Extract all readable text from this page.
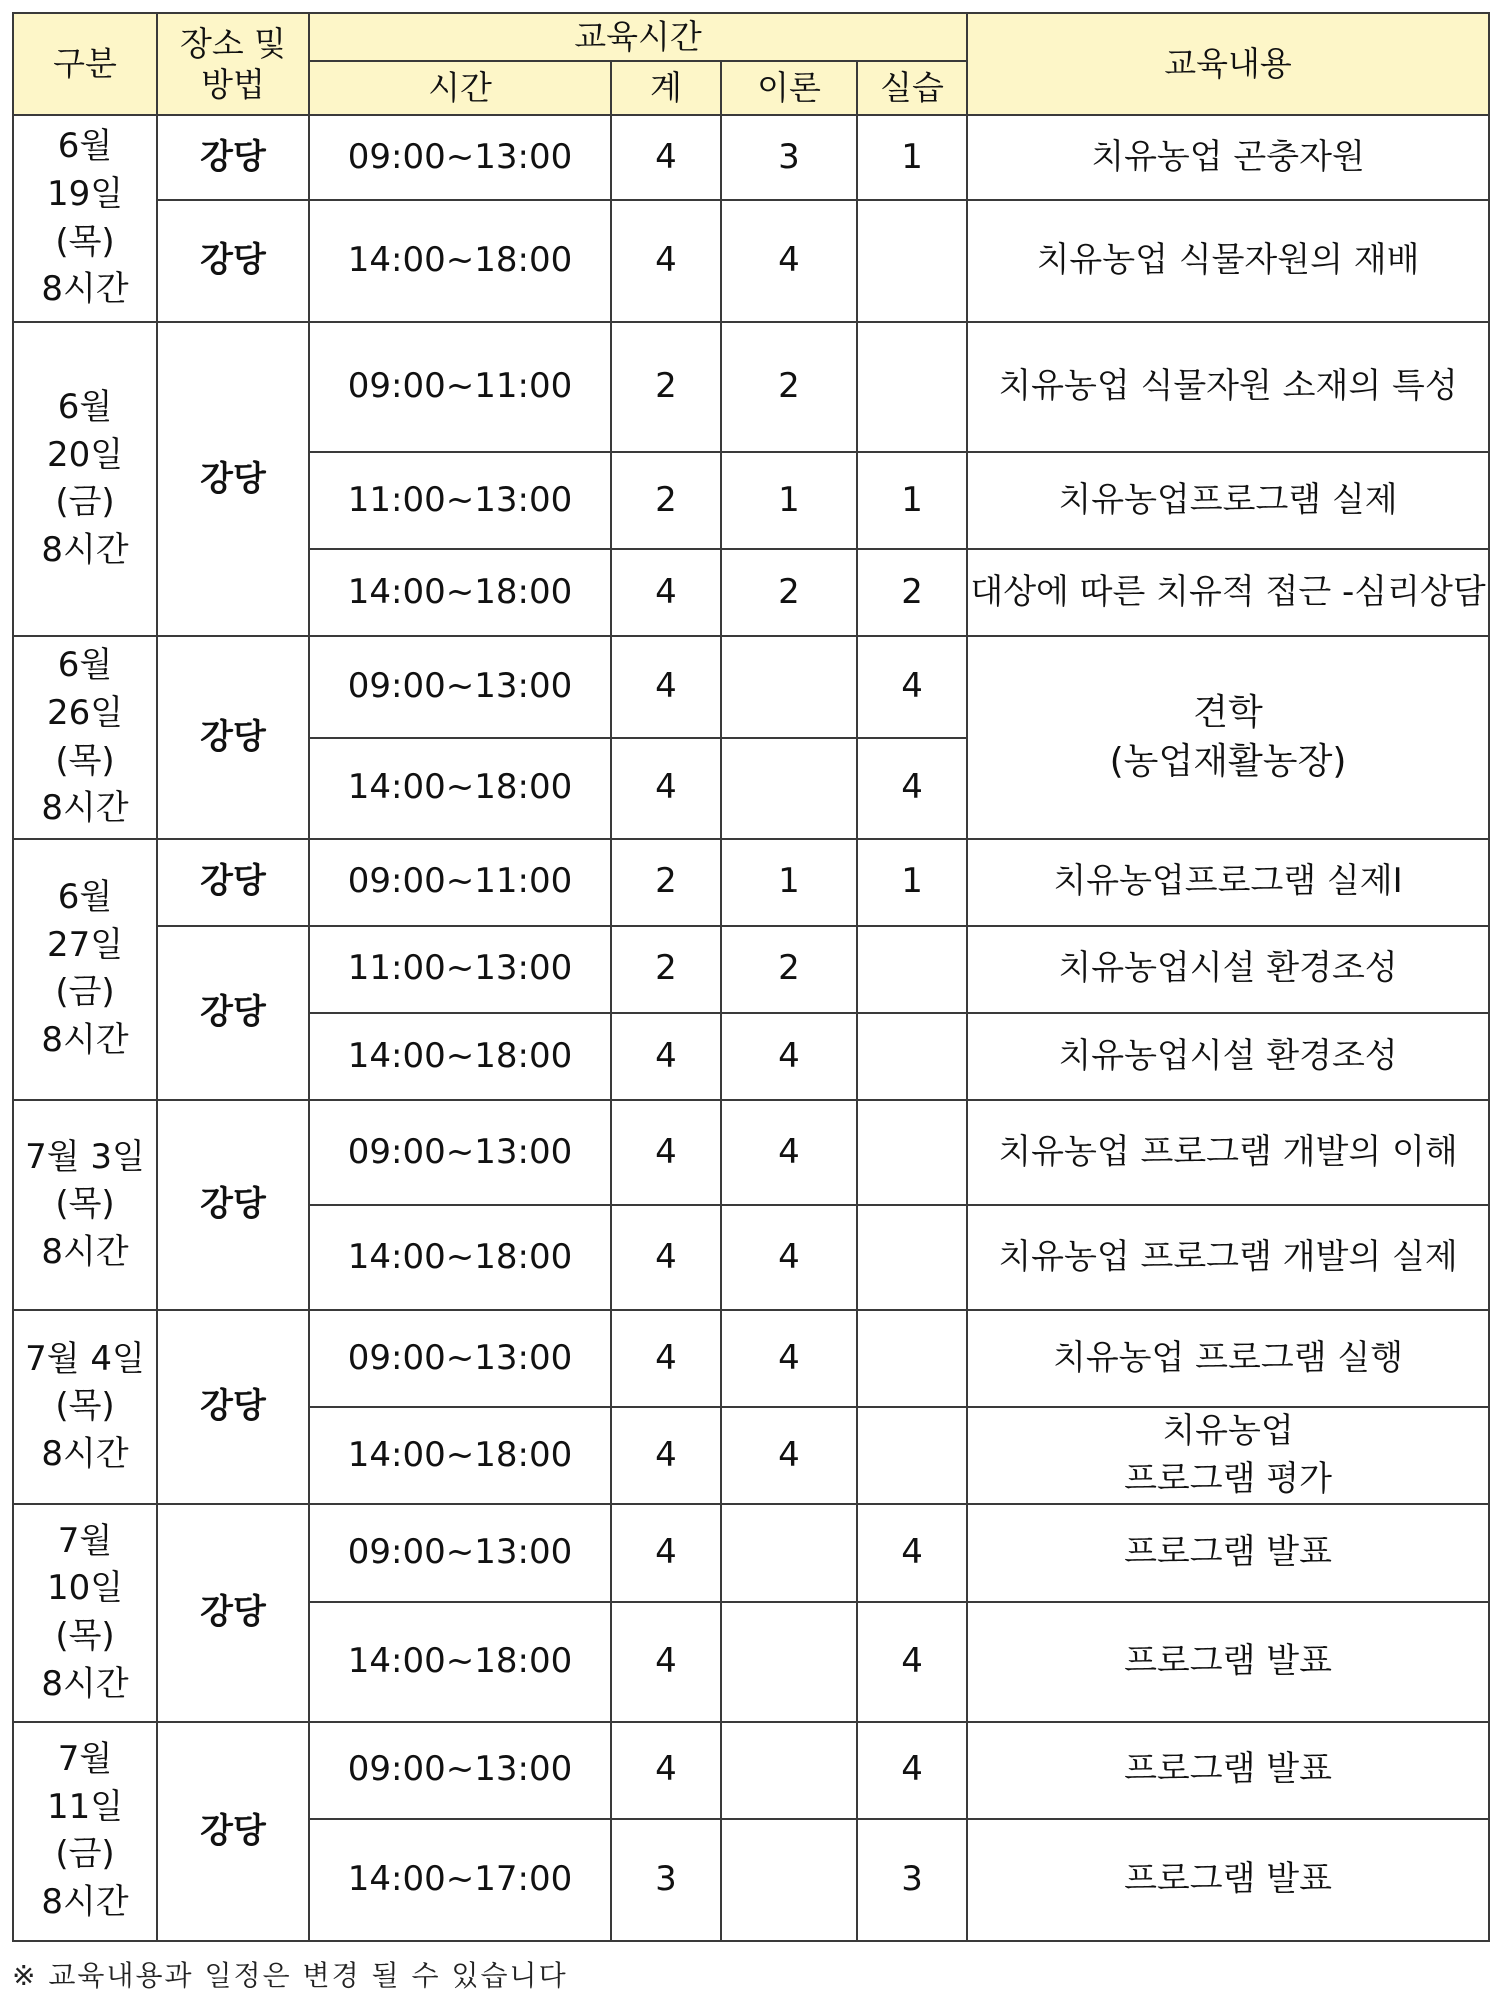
구분	장소 및
방법	교육시간				교육내용
		시간	계	이론	실습	
6월
19일
(목)
8시간	강당	09:00~13:00	4	3	1	치유농업 곤충자원
	강당	14:00~18:00	4	4		치유농업 식물자원의 재배
6월
20일
(금)
8시간	강당	09:00~11:00	2	2		치유농업 식물자원 소재의 특성
		11:00~13:00	2	1	1	치유농업프로그램 실제
		14:00~18:00	4	2	2	대상에 따른 치유적 접근 -심리상담
6월
26일
(목)
8시간	강당	09:00~13:00	4		4	견학
(농업재활농장)
		14:00~18:00	4		4	
6월
27일
(금)
8시간	강당	09:00~11:00	2	1	1	치유농업프로그램 실제Ⅰ
	강당	11:00~13:00	2	2		치유농업시설 환경조성
		14:00~18:00	4	4		치유농업시설 환경조성
7월 3일
(목)
8시간	강당	09:00~13:00	4	4		치유농업 프로그램 개발의 이해
		14:00~18:00	4	4		치유농업 프로그램 개발의 실제
7월 4일
(목)
8시간	강당	09:00~13:00	4	4		치유농업 프로그램 실행
		14:00~18:00	4	4		치유농업
프로그램 평가
7월
10일
(목)
8시간	강당	09:00~13:00	4		4	프로그램 발표
		14:00~18:00	4		4	프로그램 발표
7월
11일
(금)
8시간	강당	09:00~13:00	4		4	프로그램 발표
		14:00~17:00	3		3	프로그램 발표
※ 교육내용과 일정은 변경 될 수 있습니다
